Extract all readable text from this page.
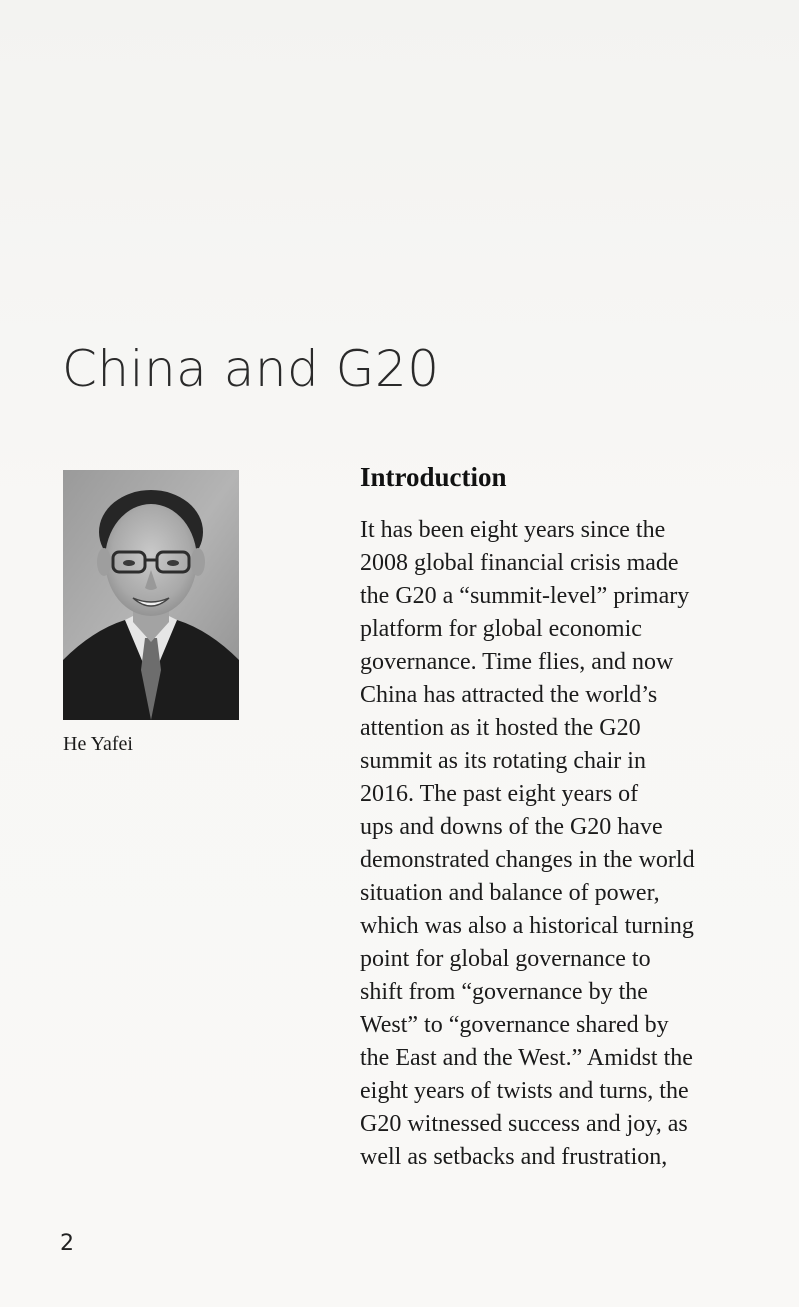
China and G20
He Yafei
Introduction
It has been eight years since the
2008 global financial crisis made
the G20 a “summit-level” primary
platform for global economic
governance. Time flies, and now
China has attracted the world’s
attention as it hosted the G20
summit as its rotating chair in
2016. The past eight years of
ups and downs of the G20 have
demonstrated changes in the world
situation and balance of power,
which was also a historical turning
point for global governance to
shift from “governance by the
West” to “governance shared by
the East and the West.” Amidst the
eight years of twists and turns, the
G20 witnessed success and joy, as
well as setbacks and frustration,
2
